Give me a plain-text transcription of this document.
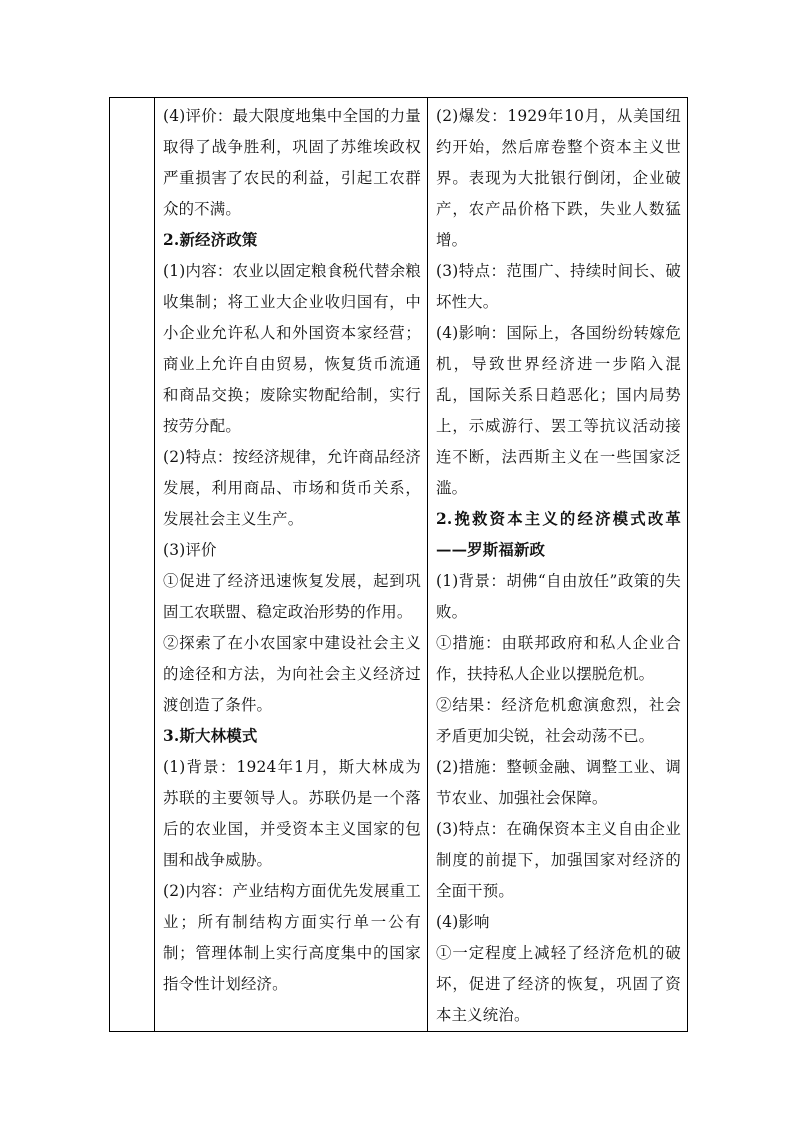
(4)评价：最大限度地集中全国的力量取得了战争胜利，巩固了苏维埃政权严重损害了农民的利益，引起工农群众的不满。

2.新经济政策

(1)内容：农业以固定粮食税代替余粮收集制；将工业大企业收归国有，中小企业允许私人和外国资本家经营；商业上允许自由贸易，恢复货币流通和商品交换；废除实物配给制，实行按劳分配。

(2)特点：按经济规律，允许商品经济发展，利用商品、市场和货币关系，发展社会主义生产。

(3)评价

①促进了经济迅速恢复发展，起到巩固工农联盟、稳定政治形势的作用。

②探索了在小农国家中建设社会主义的途径和方法，为向社会主义经济过渡创造了条件。

3.斯大林模式

(1)背景：1924年1月，斯大林成为苏联的主要领导人。苏联仍是一个落后的农业国，并受资本主义国家的包围和战争威胁。

(2)内容：产业结构方面优先发展重工业；所有制结构方面实行单一公有制；管理体制上实行高度集中的国家指令性计划经济。

(2)爆发：1929年10月，从美国纽约开始，然后席卷整个资本主义世界。表现为大批银行倒闭，企业破产，农产品价格下跌，失业人数猛增。

(3)特点：范围广、持续时间长、破坏性大。

(4)影响：国际上，各国纷纷转嫁危机，导致世界经济进一步陷入混乱，国际关系日趋恶化；国内局势上，示威游行、罢工等抗议活动接连不断，法西斯主义在一些国家泛滥。

2.挽救资本主义的经济模式改革——罗斯福新政

(1)背景：胡佛“自由放任”政策的失败。

①措施：由联邦政府和私人企业合作，扶持私人企业以摆脱危机。

②结果：经济危机愈演愈烈，社会矛盾更加尖锐，社会动荡不已。

(2)措施：整顿金融、调整工业、调节农业、加强社会保障。

(3)特点：在确保资本主义自由企业制度的前提下，加强国家对经济的全面干预。

(4)影响

①一定程度上减轻了经济危机的破坏，促进了经济的恢复，巩固了资本主义统治。
